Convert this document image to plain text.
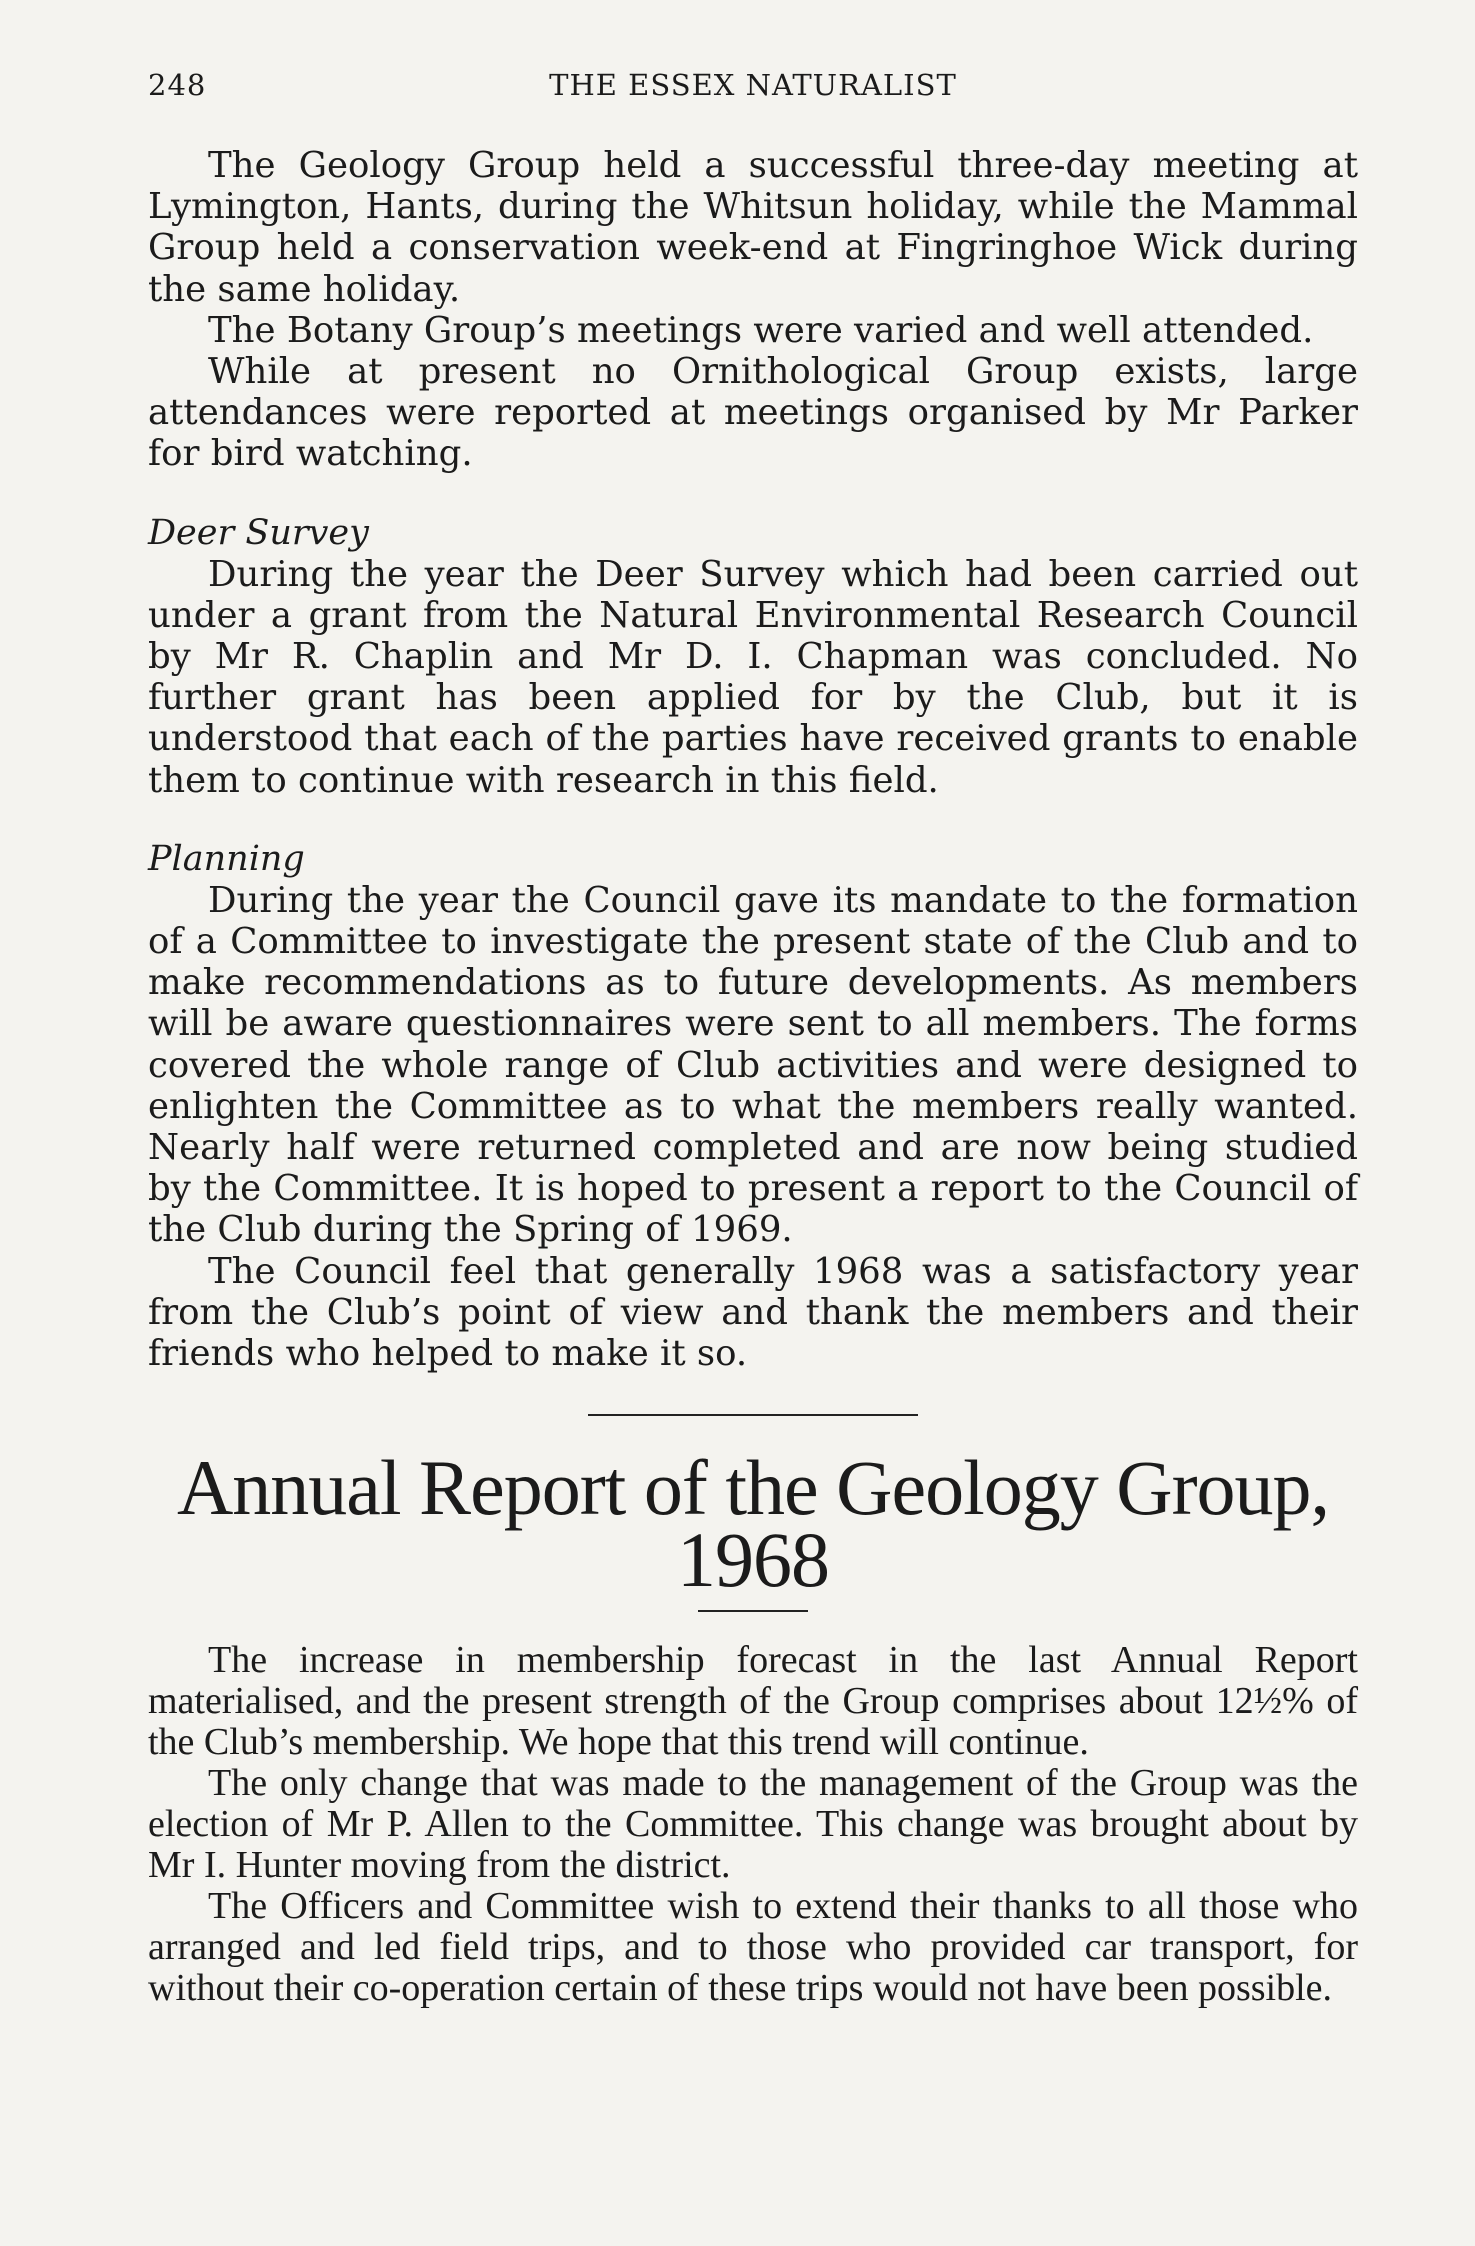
248	THE ESSEX NATURALIST

The Geology Group held a successful three-day meeting at Lymington, Hants, during the Whitsun holiday, while the Mammal Group held a conservation week-end at Fingringhoe Wick during the same holiday.

The Botany Group’s meetings were varied and well attended.

While at present no Ornithological Group exists, large attendances were reported at meetings organised by Mr Parker for bird watching.

Deer Survey

During the year the Deer Survey which had been carried out under a grant from the Natural Environmental Research Council by Mr R. Chaplin and Mr D. I. Chapman was concluded. No further grant has been applied for by the Club, but it is understood that each of the parties have received grants to enable them to continue with research in this field.

Planning

During the year the Council gave its mandate to the formation of a Committee to investigate the present state of the Club and to make recommendations as to future developments. As members will be aware questionnaires were sent to all members. The forms covered the whole range of Club activities and were designed to enlighten the Committee as to what the members really wanted. Nearly half were returned completed and are now being studied by the Committee. It is hoped to present a report to the Council of the Club during the Spring of 1969.

The Council feel that generally 1968 was a satisfactory year from the Club’s point of view and thank the members and their friends who helped to make it so.

Annual Report of the Geology Group,
1968

The increase in membership forecast in the last Annual Report materialised, and the present strength of the Group comprises about 12½% of the Club’s membership. We hope that this trend will continue.

The only change that was made to the management of the Group was the election of Mr P. Allen to the Committee. This change was brought about by Mr I. Hunter moving from the district.

The Officers and Committee wish to extend their thanks to all those who arranged and led field trips, and to those who provided car transport, for without their co-operation certain of these trips would not have been possible.
